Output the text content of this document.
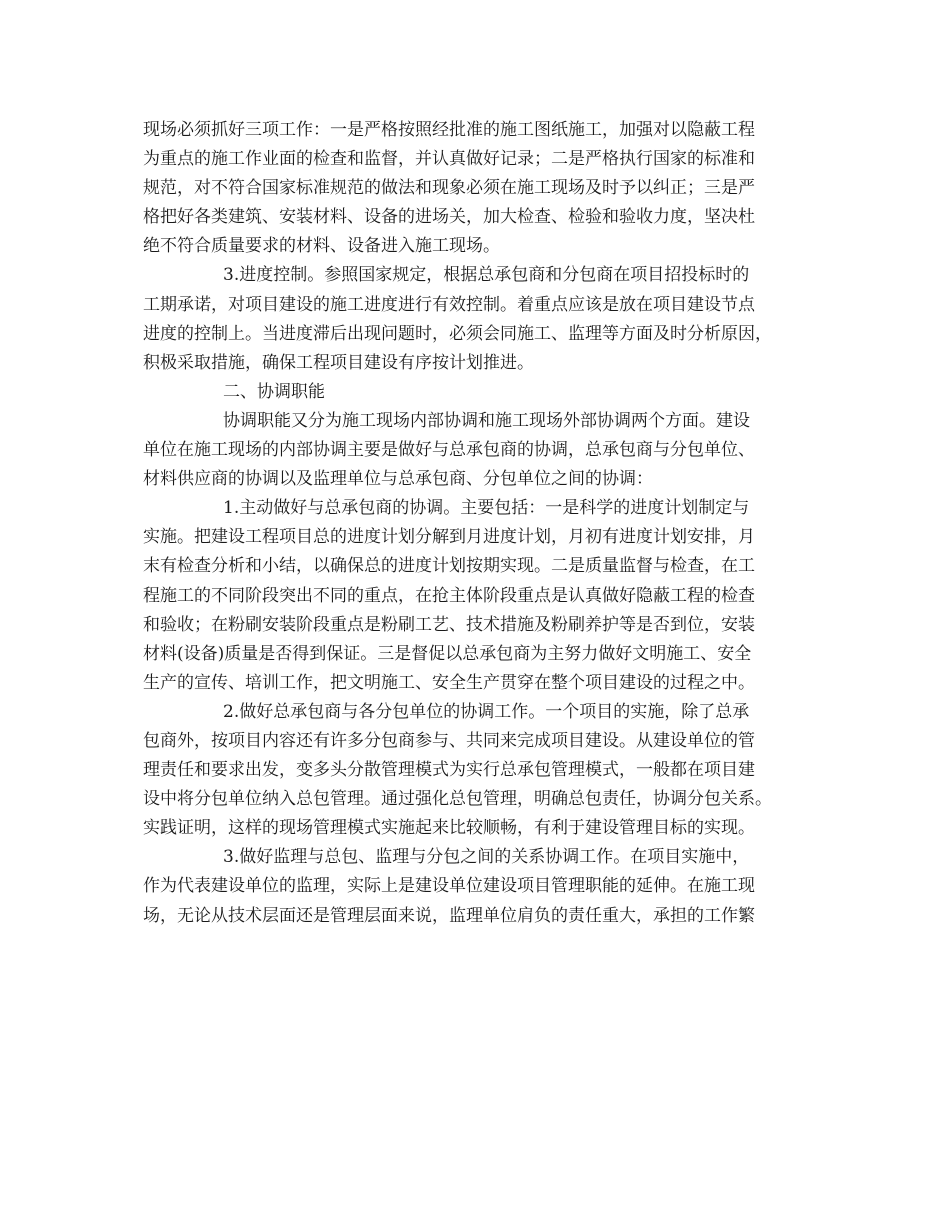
现场必须抓好三项工作：一是严格按照经批准的施工图纸施工，加强对以隐蔽工程
为重点的施工作业面的检查和监督，并认真做好记录；二是严格执行国家的标准和
规范，对不符合国家标准规范的做法和现象必须在施工现场及时予以纠正；三是严
格把好各类建筑、安装材料、设备的进场关，加大检查、检验和验收力度，坚决杜
绝不符合质量要求的材料、设备进入施工现场。
3.进度控制。参照国家规定，根据总承包商和分包商在项目招投标时的
工期承诺，对项目建设的施工进度进行有效控制。着重点应该是放在项目建设节点
进度的控制上。当进度滞后出现问题时，必须会同施工、监理等方面及时分析原因，
积极采取措施，确保工程项目建设有序按计划推进。
二、协调职能
协调职能又分为施工现场内部协调和施工现场外部协调两个方面。建设
单位在施工现场的内部协调主要是做好与总承包商的协调，总承包商与分包单位、
材料供应商的协调以及监理单位与总承包商、分包单位之间的协调：
1.主动做好与总承包商的协调。主要包括：一是科学的进度计划制定与
实施。把建设工程项目总的进度计划分解到月进度计划，月初有进度计划安排，月
末有检查分析和小结，以确保总的进度计划按期实现。二是质量监督与检查，在工
程施工的不同阶段突出不同的重点，在抢主体阶段重点是认真做好隐蔽工程的检查
和验收；在粉刷安装阶段重点是粉刷工艺、技术措施及粉刷养护等是否到位，安装
材料(设备)质量是否得到保证。三是督促以总承包商为主努力做好文明施工、安全
生产的宣传、培训工作，把文明施工、安全生产贯穿在整个项目建设的过程之中。
2.做好总承包商与各分包单位的协调工作。一个项目的实施，除了总承
包商外，按项目内容还有许多分包商参与、共同来完成项目建设。从建设单位的管
理责任和要求出发，变多头分散管理模式为实行总承包管理模式，一般都在项目建
设中将分包单位纳入总包管理。通过强化总包管理，明确总包责任，协调分包关系。
实践证明，这样的现场管理模式实施起来比较顺畅，有利于建设管理目标的实现。
3.做好监理与总包、监理与分包之间的关系协调工作。在项目实施中，
作为代表建设单位的监理，实际上是建设单位建设项目管理职能的延伸。在施工现
场，无论从技术层面还是管理层面来说，监理单位肩负的责任重大，承担的工作繁
